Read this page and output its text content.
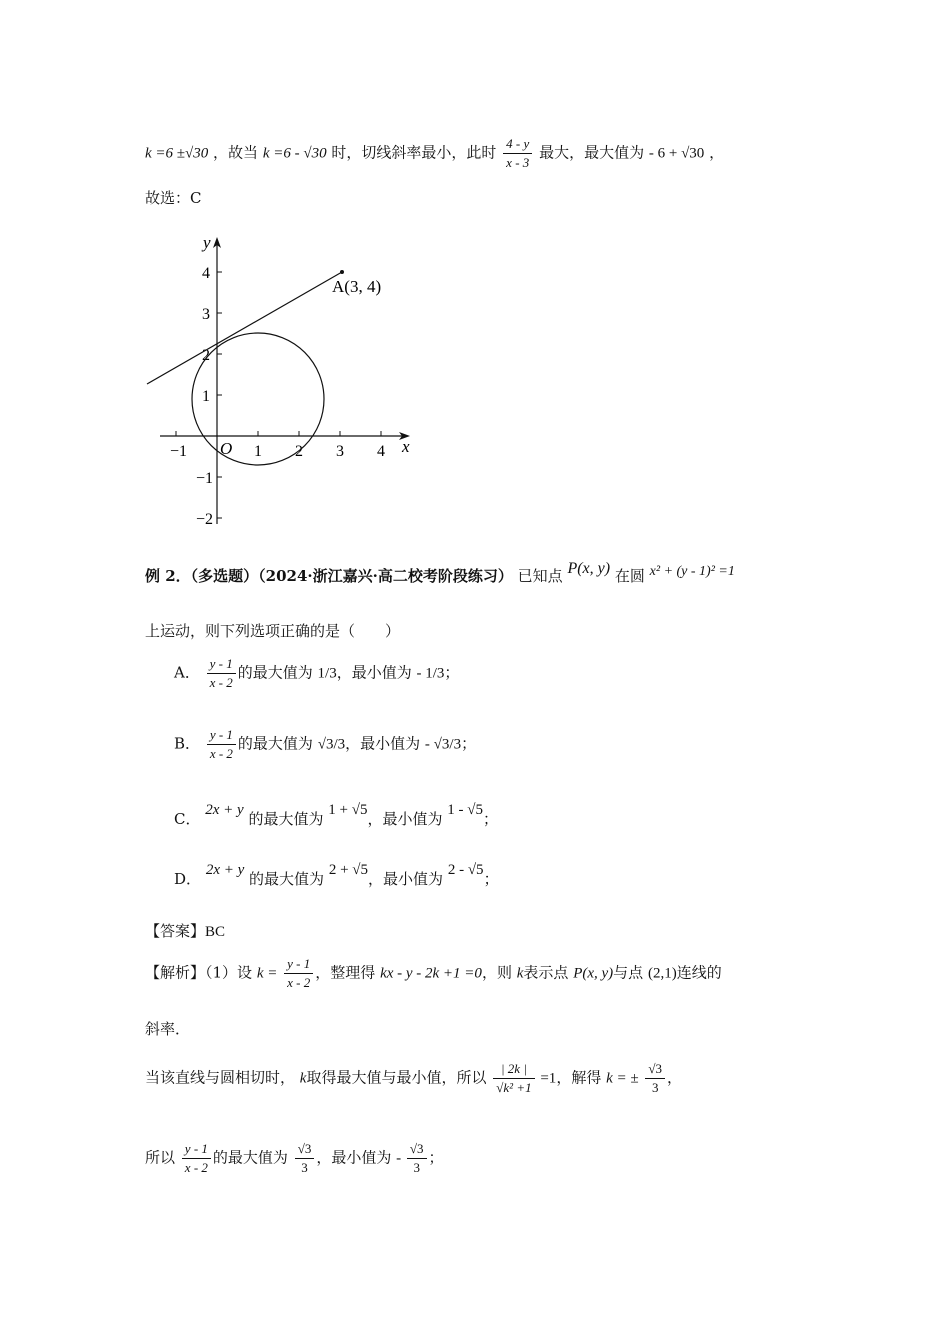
k =6 ±√30 ，故当 k =6 - √30 时，切线斜率最小，此时 $\frac{4 - y}{x - 3}$ 最大，最大值为 - 6 + √30 ，
故选：C
−1	1 2 3 4
4
3
2
1
−1
−2
x
y
O
A(3, 4)
例 2．（多选题）（2024·浙江嘉兴·高二校考阶段练习） 已知点 P(x, y) 在圆 x² + (y - 1)² =1
上运动，则下列选项正确的是（　　）
A． $\frac{y - 1}{x - 2}$ 的最大值为 1/3，最小值为 - 1/3；
B． $\frac{y - 1}{x - 2}$ 的最大值为 √3/3，最小值为 - √3/3；
C． 2x + y 的最大值为 1 + √5，最小值为 1 - √5；
D． 2x + y 的最大值为 2 + √5，最小值为 2 - √5；
【答案】BC
【解析】（1）设 $k = \frac{y - 1}{x - 2}$ ，整理得 kx - y - 2k +1 =0，则 k表示点 P(x, y)与点 (2,1)连线的
斜率．
当该直线与圆相切时， k取得最大值与最小值，所以 $\frac{| 2k |}{\text{√k² +1}} =1$，解得 k = ± $\frac{√3}{3}$ ，
所以 $\frac{y - 1}{x - 2}$ 的最大值为 $\frac{√3}{3}$ ，最小值为 - $\frac{√3}{3}$ ；
